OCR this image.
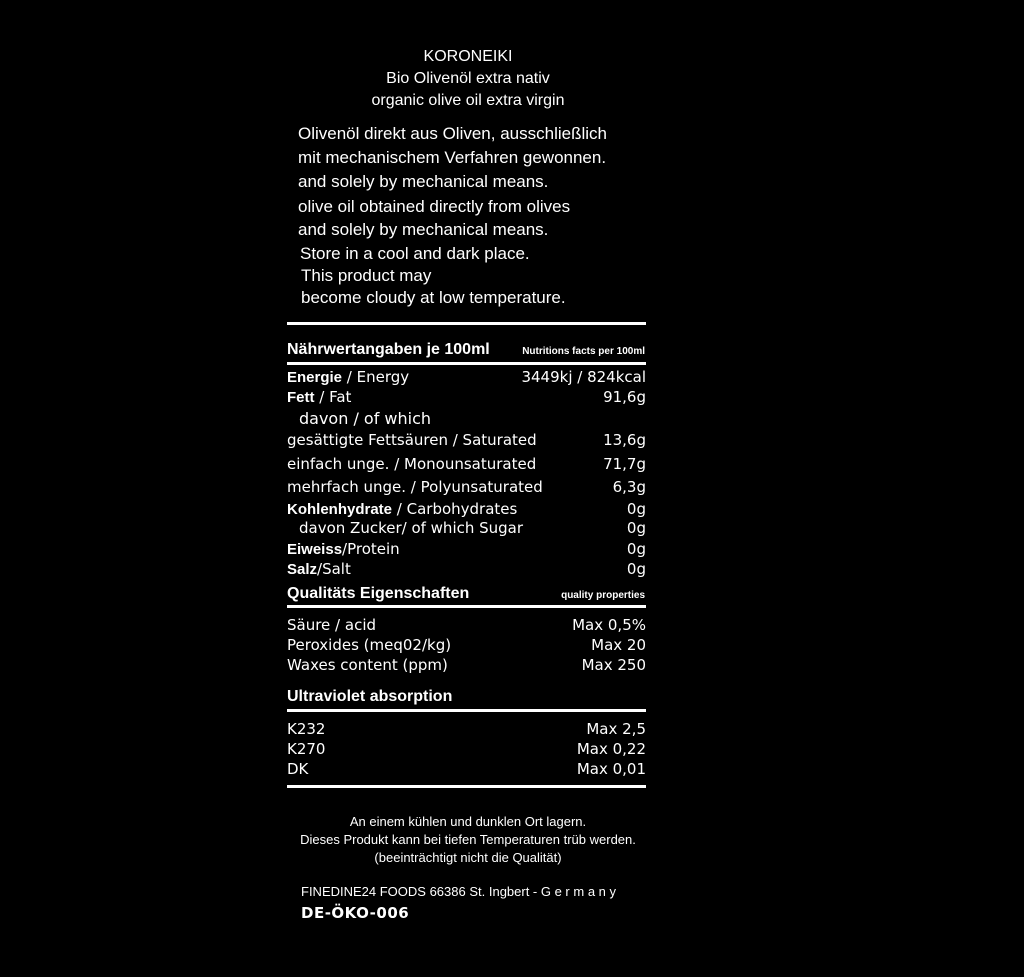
KORONEIKI
Bio Olivenöl extra nativ
organic olive oil extra virgin
Olivenöl direkt aus Oliven, ausschließlich
mit mechanischem Verfahren gewonnen.
and solely by mechanical means.
olive oil obtained directly from olives
and solely by mechanical means.
Store in a cool and dark place.
This product may
become cloudy at low temperature.
Nährwertangaben je 100ml	Nutritions facts per 100ml
Energie / Energy	3449kj / 824kcal
Fett / Fat	91,6g
davon / of which
gesättigte Fettsäuren / Saturated	13,6g
einfach unge. / Monounsaturated	71,7g
mehrfach unge. / Polyunsaturated	6,3g
Kohlenhydrate / Carbohydrates	0g
davon Zucker/ of which Sugar	0g
Eiweiss/Protein	0g
Salz/Salt	0g
Qualitäts Eigenschaften	quality properties
Säure / acid	Max 0,5%
Peroxides (meq02/kg)	Max 20
Waxes content (ppm)	Max 250
Ultraviolet absorption
K232	Max 2,5
K270	Max 0,22
DK	Max 0,01
An einem kühlen und dunklen Ort lagern.
Dieses Produkt kann bei tiefen Temperaturen trüb werden.
(beeinträchtigt nicht die Qualität)
FINEDINE24 FOODS 66386 St. Ingbert - G e r m a n y
DE-ÖKO-006
